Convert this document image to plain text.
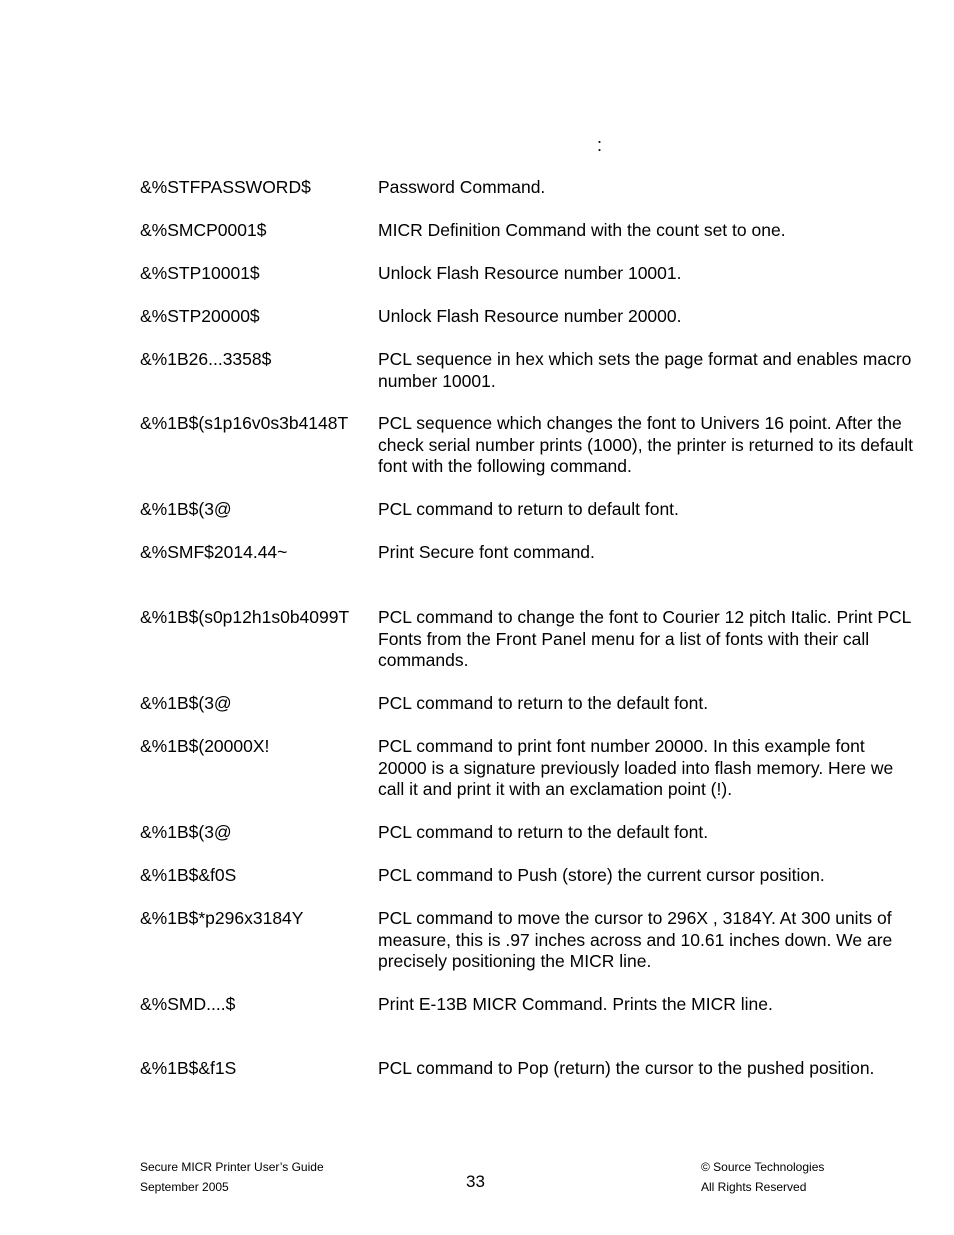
:
&%STFPASSWORD$	Password Command.
&%SMCP0001$	MICR Definition Command with the count set to one.
&%STP10001$	Unlock Flash Resource number 10001.
&%STP20000$	Unlock Flash Resource number 20000.
&%1B26...3358$	PCL sequence in hex which sets the page format and enables macro number 10001.
&%1B$(s1p16v0s3b4148T PCL sequence which changes the font to Univers 16 point. After the check serial number prints (1000), the printer is returned to its default font with the following command.
&%1B$(3@	PCL command to return to default font.
&%SMF$2014.44~	Print Secure font command.
&%1B$(s0p12h1s0b4099T PCL command to change the font to Courier 12 pitch Italic. Print PCL Fonts from the Front Panel menu for a list of fonts with their call commands.
&%1B$(3@	PCL command to return to the default font.
&%1B$(20000X!	PCL command to print font number 20000. In this example font 20000 is a signature previously loaded into flash memory. Here we call it and print it with an exclamation point (!).
&%1B$(3@	PCL command to return to the default font.
&%1B$&f0S	PCL command to Push (store) the current cursor position.
&%1B$*p296x3184Y	PCL command to move the cursor to 296X , 3184Y. At 300 units of measure, this is .97 inches across and 10.61 inches down. We are precisely positioning the MICR line.
&%SMD....$	Print E-13B MICR Command. Prints the MICR line.
&%1B$&f1S	PCL command to Pop (return) the cursor to the pushed position.
Secure MICR Printer User’s Guide
September 2005	33
© Source Technologies
All Rights Reserved
